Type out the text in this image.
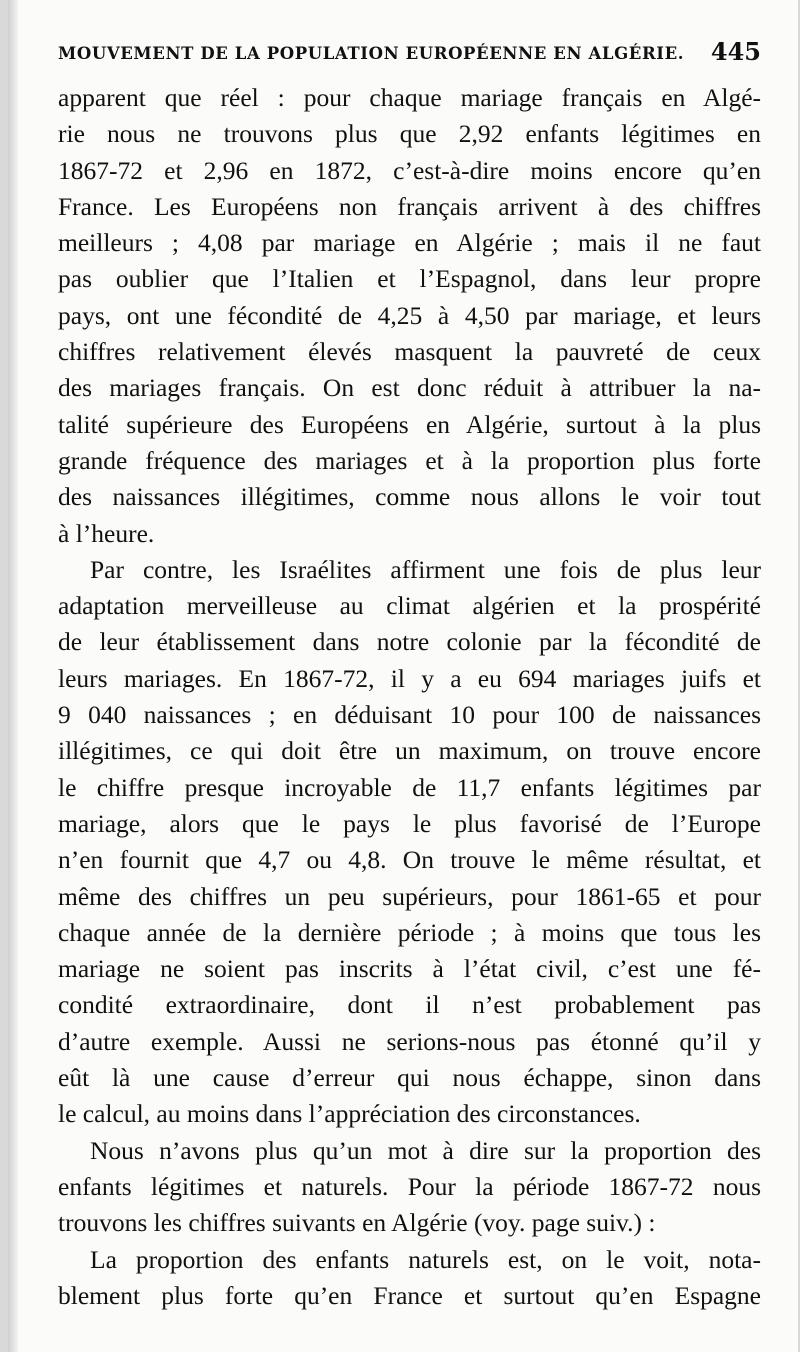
MOUVEMENT DE LA POPULATION EUROPÉENNE EN ALGÉRIE. 445
apparent que réel : pour chaque mariage français en Algé-
rie nous ne trouvons plus que 2,92 enfants légitimes en
1867-72 et 2,96 en 1872, c’est-à-dire moins encore qu’en
France. Les Européens non français arrivent à des chiffres
meilleurs ; 4,08 par mariage en Algérie ; mais il ne faut
pas oublier que l’Italien et l’Espagnol, dans leur propre
pays, ont une fécondité de 4,25 à 4,50 par mariage, et leurs
chiffres relativement élevés masquent la pauvreté de ceux
des mariages français. On est donc réduit à attribuer la na-
talité supérieure des Européens en Algérie, surtout à la plus
grande fréquence des mariages et à la proportion plus forte
des naissances illégitimes, comme nous allons le voir tout
à l’heure.
Par contre, les Israélites affirment une fois de plus leur
adaptation merveilleuse au climat algérien et la prospérité
de leur établissement dans notre colonie par la fécondité de
leurs mariages. En 1867-72, il y a eu 694 mariages juifs et
9 040 naissances ; en déduisant 10 pour 100 de naissances
illégitimes, ce qui doit être un maximum, on trouve encore
le chiffre presque incroyable de 11,7 enfants légitimes par
mariage, alors que le pays le plus favorisé de l’Europe
n’en fournit que 4,7 ou 4,8. On trouve le même résultat, et
même des chiffres un peu supérieurs, pour 1861-65 et pour
chaque année de la dernière période ; à moins que tous les
mariage ne soient pas inscrits à l’état civil, c’est une fé-
condité extraordinaire, dont il n’est probablement pas
d’autre exemple. Aussi ne serions-nous pas étonné qu’il y
eût là une cause d’erreur qui nous échappe, sinon dans
le calcul, au moins dans l’appréciation des circonstances.
Nous n’avons plus qu’un mot à dire sur la proportion des
enfants légitimes et naturels. Pour la période 1867-72 nous
trouvons les chiffres suivants en Algérie (voy. page suiv.) :
La proportion des enfants naturels est, on le voit, nota-
blement plus forte qu’en France et surtout qu’en Espagne
